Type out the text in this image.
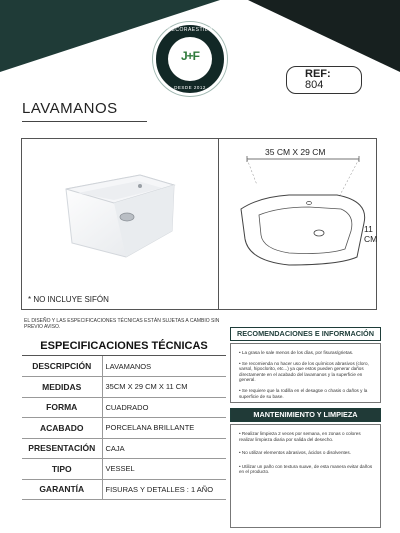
DECORAESTILO
J+F
DESDE 2012
REF:
804
LAVAMANOS
* NO INCLUYE SIFÓN
35 CM X 29 CM
11 CM
EL DISEÑO Y LAS ESPECIFICACIONES TÉCNICAS ESTÁN SUJETAS A CAMBIO SIN PREVIO AVISO.
ESPECIFICACIONES TÉCNICAS
DESCRIPCIÓN	LAVAMANOS
MEDIDAS	35CM X 29 CM X 11 CM
FORMA	CUADRADO
ACABADO	PORCELANA BRILLANTE
PRESENTACIÓN	CAJA
TIPO	VESSEL
GARANTÍA	FISURAS Y DETALLES : 1 AÑO
RECOMENDACIONES E INFORMACIÓN

• La grasa le sale menos de los días, por fisuras/grietas.

• Se recomienda no hacer uso de los químicos abrasivos (cloro, varsol, hipoclorito, etc...) ya que estos pueden generar daños directamente en el acabado del lavamanos y la superficie en general.

• Se requiere que la rodilla en el desagüe o chasis o daños y la superficie de su base.

MANTENIMIENTO Y LIMPIEZA

• Realizar limpieza 2 veces por semana, en zonas o colores realizar limpieza diaria por salida del desecho.

• No utilizar elementos abrasivos, ácidos o disolventes.

• Utilizar un paño con textura suave, de esta manera evitar daños en el producto.
